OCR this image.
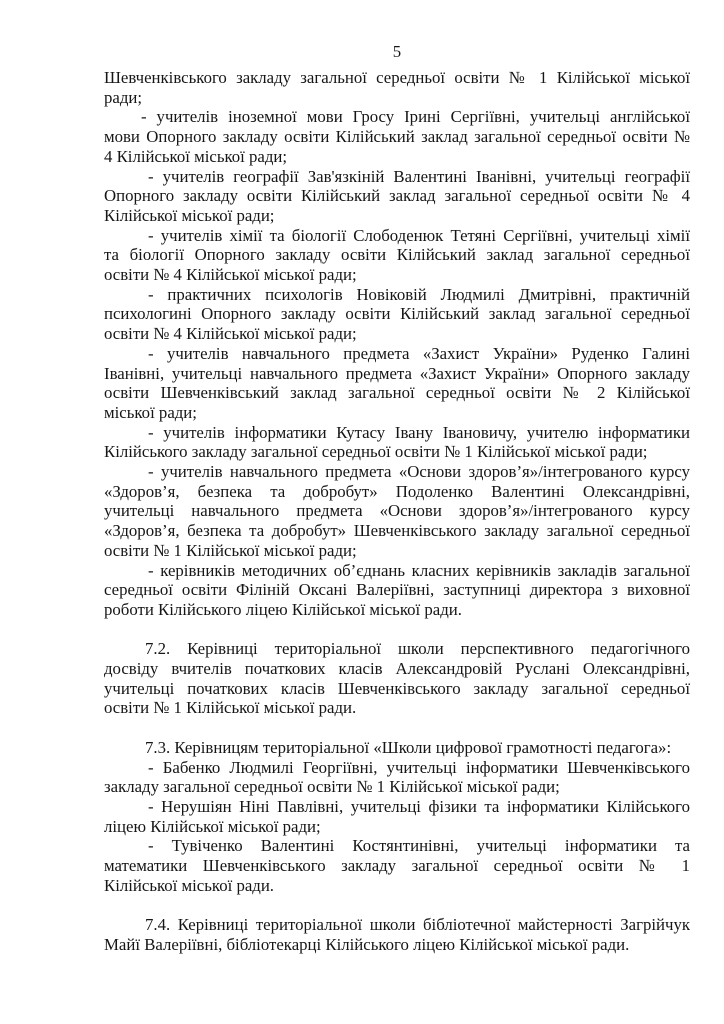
5
Шевченківського закладу загальної середньої освіти № 1 Кілійської міської
ради;
- учителів іноземної мови Гросу Ірині Сергіївні, учительці англійської
мови Опорного закладу освіти Кілійський заклад загальної середньої освіти №
4 Кілійської міської ради;
- учителів географії Зав'язкіній Валентині Іванівні, учительці географії
Опорного закладу освіти Кілійський заклад загальної середньої освіти № 4
Кілійської міської ради;
- учителів хімії та біології Слободенюк Тетяні Сергіївні, учительці хімії
та біології Опорного закладу освіти Кілійський заклад загальної середньої
освіти № 4 Кілійської міської ради;
- практичних психологів Новіковій Людмилі Дмитрівні, практичній
психологині Опорного закладу освіти Кілійський заклад загальної середньої
освіти № 4 Кілійської міської ради;
- учителів навчального предмета «Захист України» Руденко Галині
Іванівні, учительці навчального предмета «Захист України» Опорного закладу
освіти Шевченківський заклад загальної середньої освіти № 2 Кілійської
міської ради;
- учителів інформатики Кутасу Івану Івановичу, учителю інформатики
Кілійського закладу загальної середньої освіти № 1 Кілійської міської ради;
- учителів навчального предмета «Основи здоров’я»/інтегрованого курсу
«Здоров’я, безпека та добробут» Подоленко Валентині Олександрівні,
учительці навчального предмета «Основи здоров’я»/інтегрованого курсу
«Здоров’я, безпека та добробут» Шевченківського закладу загальної середньої
освіти № 1 Кілійської міської ради;
- керівників методичних об’єднань класних керівників закладів загальної
середньої освіти Філіній Оксані Валеріївні, заступниці директора з виховної
роботи Кілійського ліцею Кілійської міської ради.
7.2. Керівниці територіальної школи перспективного педагогічного
досвіду вчителів початкових класів Александровій Руслані Олександрівні,
учительці початкових класів Шевченківського закладу загальної середньої
освіти № 1 Кілійської міської ради.
7.3. Керівницям територіальної «Школи цифрової грамотності педагога»:
- Бабенко Людмилі Георгіївні, учительці інформатики Шевченківського
закладу загальної середньої освіти № 1 Кілійської міської ради;
- Нерушіян Ніні Павлівні, учительці фізики та інформатики Кілійського
ліцею Кілійської міської ради;
- Тувіченко Валентині Костянтинівні, учительці інформатики та
математики Шевченківського закладу загальної середньої освіти № 1
Кілійської міської ради.
7.4. Керівниці територіальної школи бібліотечної майстерності Загрійчук
Майї Валеріївні, бібліотекарці Кілійського ліцею Кілійської міської ради.
